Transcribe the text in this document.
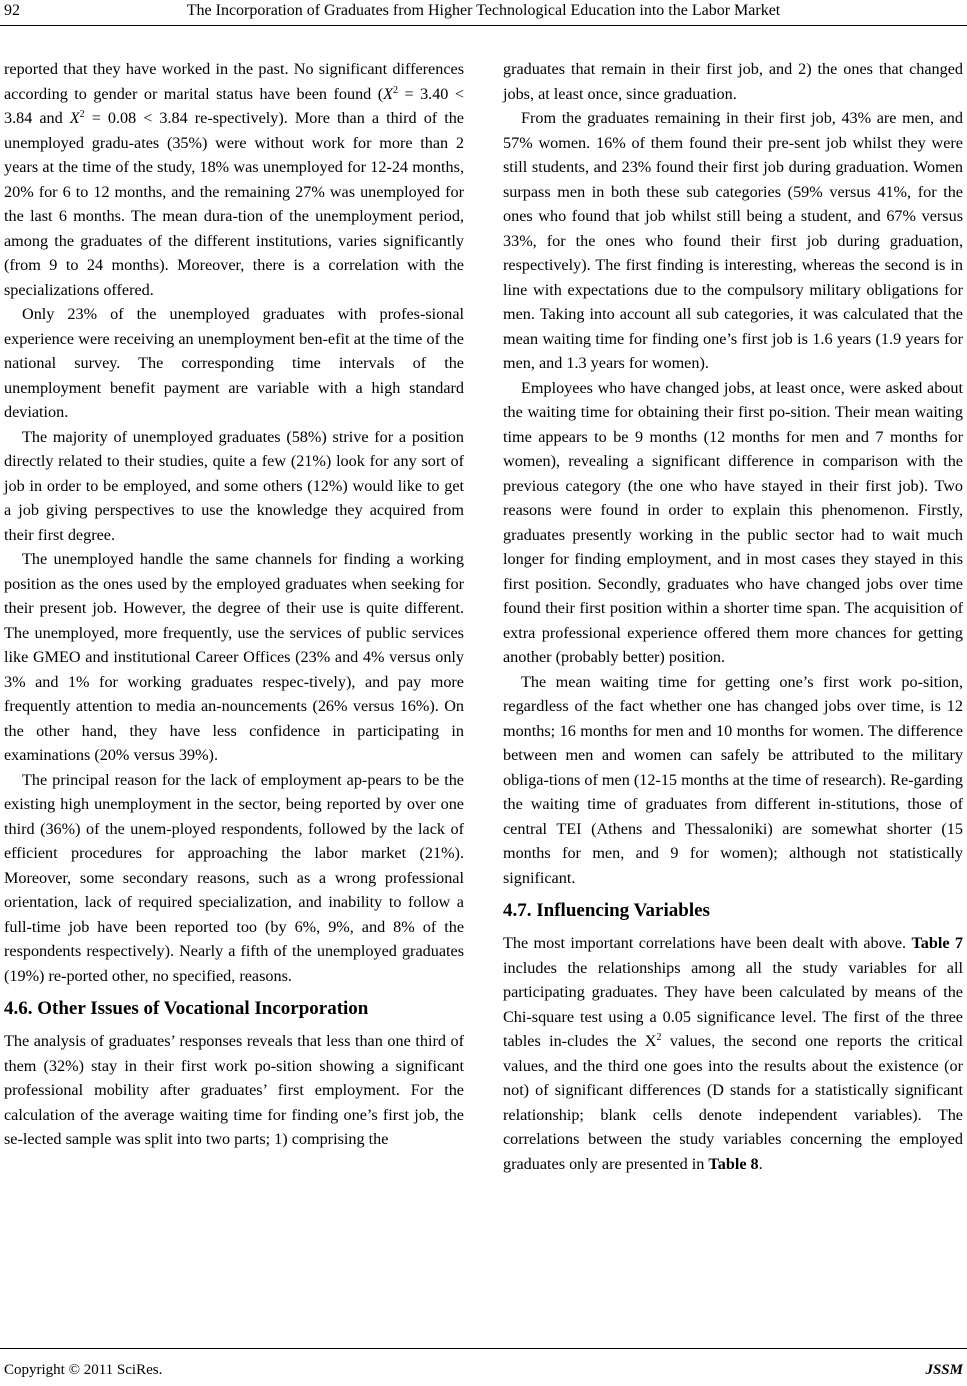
92	The Incorporation of Graduates from Higher Technological Education into the Labor Market

reported that they have worked in the past. No significant differences according to gender or marital status have been found ($X^2 = 3.40 < 3.84$ and $X^2 = 0.08 < 3.84$ re-spectively). More than a third of the unemployed gradu-ates (35%) were without work for more than 2 years at the time of the study, 18% was unemployed for 12-24 months, 20% for 6 to 12 months, and the remaining 27% was unemployed for the last 6 months. The mean dura-tion of the unemployment period, among the graduates of the different institutions, varies significantly (from 9 to 24 months). Moreover, there is a correlation with the specializations offered.

Only 23% of the unemployed graduates with profes-sional experience were receiving an unemployment ben-efit at the time of the national survey. The corresponding time intervals of the unemployment benefit payment are variable with a high standard deviation.

The majority of unemployed graduates (58%) strive for a position directly related to their studies, quite a few (21%) look for any sort of job in order to be employed, and some others (12%) would like to get a job giving perspectives to use the knowledge they acquired from their first degree.

The unemployed handle the same channels for finding a working position as the ones used by the employed graduates when seeking for their present job. However, the degree of their use is quite different. The unemployed, more frequently, use the services of public services like GMEO and institutional Career Offices (23% and 4% versus only 3% and 1% for working graduates respec-tively), and pay more frequently attention to media an-nouncements (26% versus 16%). On the other hand, they have less confidence in participating in examinations (20% versus 39%).

The principal reason for the lack of employment ap-pears to be the existing high unemployment in the sector, being reported by over one third (36%) of the unem-ployed respondents, followed by the lack of efficient procedures for approaching the labor market (21%). Moreover, some secondary reasons, such as a wrong professional orientation, lack of required specialization, and inability to follow a full-time job have been reported too (by 6%, 9%, and 8% of the respondents respectively). Nearly a fifth of the unemployed graduates (19%) re-ported other, no specified, reasons.

4.6. Other Issues of Vocational Incorporation

The analysis of graduates’ responses reveals that less than one third of them (32%) stay in their first work po-sition showing a significant professional mobility after graduates’ first employment. For the calculation of the average waiting time for finding one’s first job, the se-lected sample was split into two parts; 1) comprising the

graduates that remain in their first job, and 2) the ones that changed jobs, at least once, since graduation.

From the graduates remaining in their first job, 43% are men, and 57% women. 16% of them found their pre-sent job whilst they were still students, and 23% found their first job during graduation. Women surpass men in both these sub categories (59% versus 41%, for the ones who found that job whilst still being a student, and 67% versus 33%, for the ones who found their first job during graduation, respectively). The first finding is interesting, whereas the second is in line with expectations due to the compulsory military obligations for men. Taking into account all sub categories, it was calculated that the mean waiting time for finding one’s first job is 1.6 years (1.9 years for men, and 1.3 years for women).

Employees who have changed jobs, at least once, were asked about the waiting time for obtaining their first po-sition. Their mean waiting time appears to be 9 months (12 months for men and 7 months for women), revealing a significant difference in comparison with the previous category (the one who have stayed in their first job). Two reasons were found in order to explain this phenomenon. Firstly, graduates presently working in the public sector had to wait much longer for finding employment, and in most cases they stayed in this first position. Secondly, graduates who have changed jobs over time found their first position within a shorter time span. The acquisition of extra professional experience offered them more chances for getting another (probably better) position.

The mean waiting time for getting one’s first work po-sition, regardless of the fact whether one has changed jobs over time, is 12 months; 16 months for men and 10 months for women. The difference between men and women can safely be attributed to the military obliga-tions of men (12-15 months at the time of research). Re-garding the waiting time of graduates from different in-stitutions, those of central TEI (Athens and Thessaloniki) are somewhat shorter (15 months for men, and 9 for women); although not statistically significant.

4.7. Influencing Variables

The most important correlations have been dealt with above. Table 7 includes the relationships among all the study variables for all participating graduates. They have been calculated by means of the Chi-square test using a 0.05 significance level. The first of the three tables in-cludes the $X^2$ values, the second one reports the critical values, and the third one goes into the results about the existence (or not) of significant differences (D stands for a statistically significant relationship; blank cells denote independent variables). The correlations between the study variables concerning the employed graduates only are presented in Table 8.

Copyright © 2011 SciRes.	JSSM
